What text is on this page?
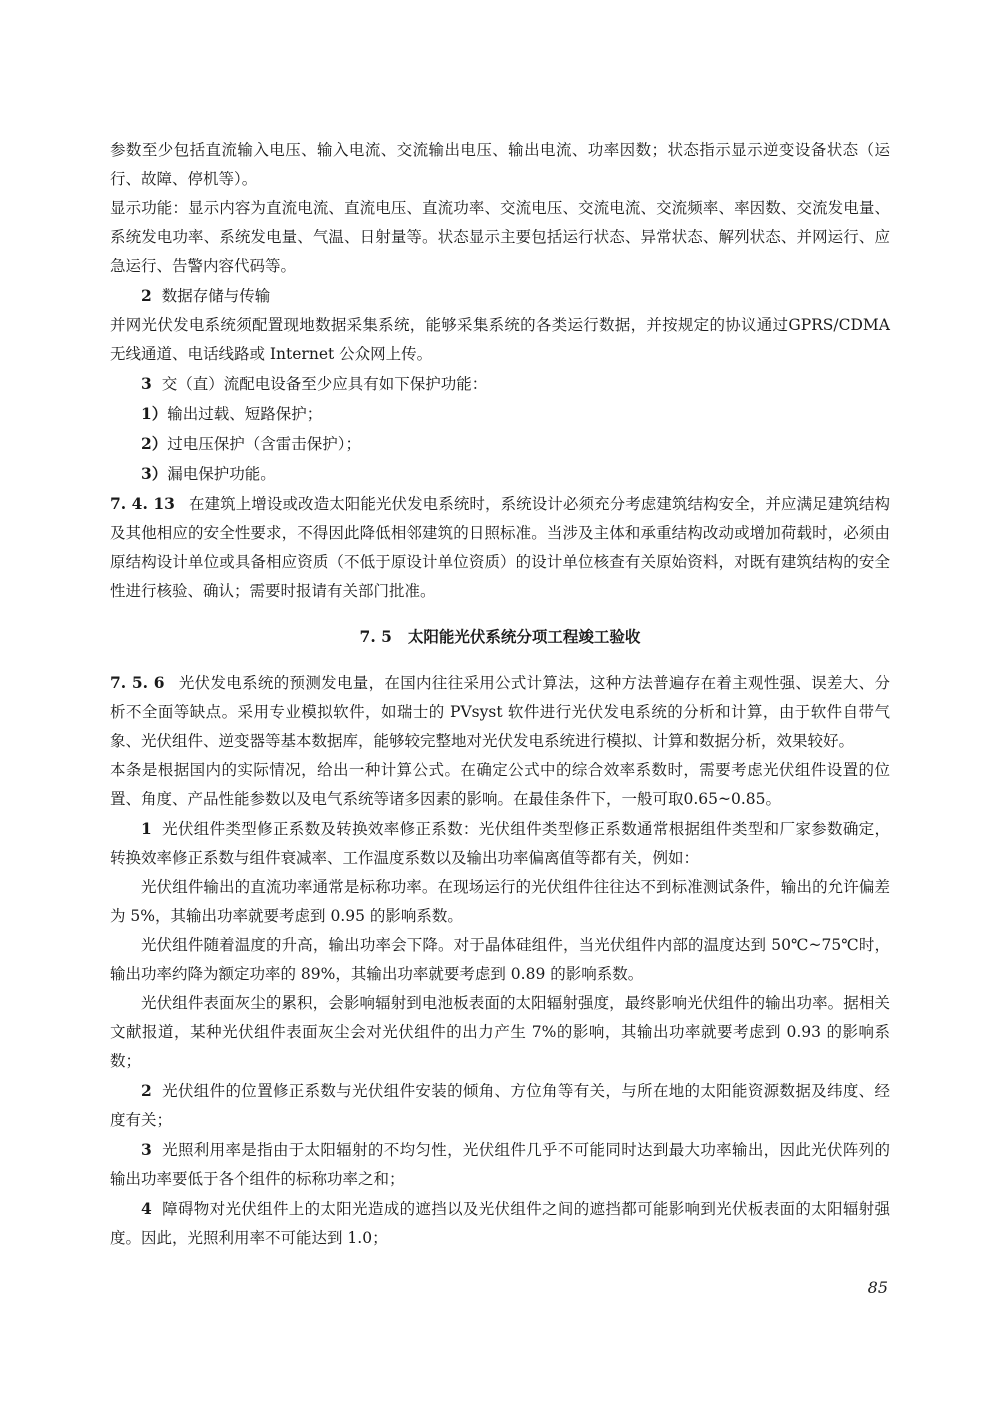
参数至少包括直流输入电压、输入电流、交流输出电压、输出电流、功率因数；状态指示显示逆变设备状态（运行、故障、停机等）。

显示功能：显示内容为直流电流、直流电压、直流功率、交流电压、交流电流、交流频率、率因数、交流发电量、系统发电功率、系统发电量、气温、日射量等。状态显示主要包括运行状态、异常状态、解列状态、并网运行、应急运行、告警内容代码等。

2 数据存储与传输

并网光伏发电系统须配置现地数据采集系统，能够采集系统的各类运行数据，并按规定的协议通过GPRS/CDMA 无线通道、电话线路或 Internet 公众网上传。

3 交（直）流配电设备至少应具有如下保护功能：

1）输出过载、短路保护；

2）过电压保护（含雷击保护）；

3）漏电保护功能。

7. 4. 13 在建筑上增设或改造太阳能光伏发电系统时，系统设计必须充分考虑建筑结构安全，并应满足建筑结构及其他相应的安全性要求，不得因此降低相邻建筑的日照标准。当涉及主体和承重结构改动或增加荷载时，必须由原结构设计单位或具备相应资质（不低于原设计单位资质）的设计单位核查有关原始资料，对既有建筑结构的安全性进行核验、确认；需要时报请有关部门批准。

7. 5 太阳能光伏系统分项工程竣工验收

7. 5. 6 光伏发电系统的预测发电量，在国内往往采用公式计算法，这种方法普遍存在着主观性强、误差大、分析不全面等缺点。采用专业模拟软件，如瑞士的 PVsyst 软件进行光伏发电系统的分析和计算，由于软件自带气象、光伏组件、逆变器等基本数据库，能够较完整地对光伏发电系统进行模拟、计算和数据分析，效果较好。

本条是根据国内的实际情况，给出一种计算公式。在确定公式中的综合效率系数时，需要考虑光伏组件设置的位置、角度、产品性能参数以及电气系统等诸多因素的影响。在最佳条件下，一般可取0.65~0.85。

1 光伏组件类型修正系数及转换效率修正系数：光伏组件类型修正系数通常根据组件类型和厂家参数确定，转换效率修正系数与组件衰减率、工作温度系数以及输出功率偏离值等都有关，例如：

光伏组件输出的直流功率通常是标称功率。在现场运行的光伏组件往往达不到标准测试条件，输出的允许偏差为 5%，其输出功率就要考虑到 0.95 的影响系数。

光伏组件随着温度的升高，输出功率会下降。对于晶体硅组件，当光伏组件内部的温度达到 50℃~75℃时，输出功率约降为额定功率的 89%，其输出功率就要考虑到 0.89 的影响系数。

光伏组件表面灰尘的累积，会影响辐射到电池板表面的太阳辐射强度，最终影响光伏组件的输出功率。据相关文献报道，某种光伏组件表面灰尘会对光伏组件的出力产生 7%的影响，其输出功率就要考虑到 0.93 的影响系数；

2 光伏组件的位置修正系数与光伏组件安装的倾角、方位角等有关，与所在地的太阳能资源数据及纬度、经度有关；

3 光照利用率是指由于太阳辐射的不均匀性，光伏组件几乎不可能同时达到最大功率输出，因此光伏阵列的输出功率要低于各个组件的标称功率之和；

4 障碍物对光伏组件上的太阳光造成的遮挡以及光伏组件之间的遮挡都可能影响到光伏板表面的太阳辐射强度。因此，光照利用率不可能达到 1.0；

85
